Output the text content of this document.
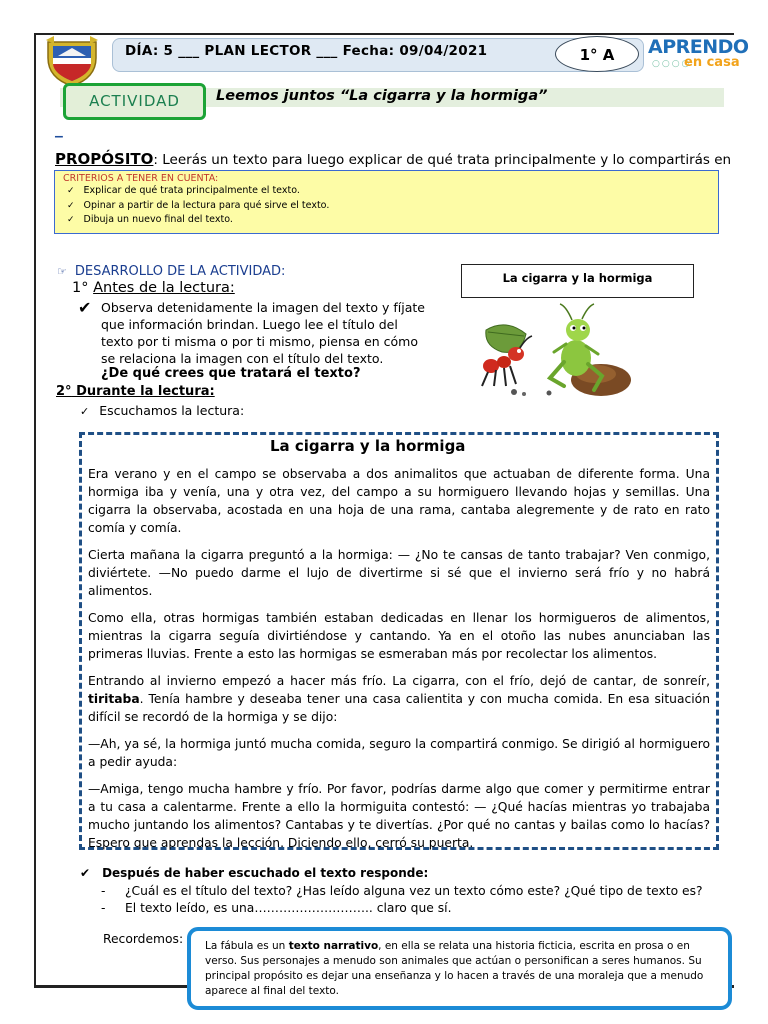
DÍA: 5 ___ PLAN LECTOR ___ Fecha: 09/04/2021	1° A	APRENDO
○○○○
en casa
ACTIVIDAD	Leemos juntos “La cigarra y la hormiga”
▁
PROPÓSITO: Leerás un texto para luego explicar de qué trata principalmente y lo compartirás en
CRITERIOS A TENER EN CUENTA:
✓ Explicar de qué trata principalmente el texto.
✓ Opinar a partir de la lectura para qué sirve el texto.
✓ Dibuja un nuevo final del texto.
☞ DESARROLLO DE LA ACTIVIDAD:
1° Antes de la lectura:
✔ Observa detenidamente la imagen del texto y fíjate que información brindan. Luego lee el título del texto por ti misma o por ti mismo, piensa en cómo se relaciona la imagen con el título del texto.
¿De qué crees que tratará el texto?
2° Durante la lectura:
✓ Escuchamos la lectura:
La cigarra y la hormiga
La cigarra y la hormiga

Era verano y en el campo se observaba a dos animalitos que actuaban de diferente forma. Una hormiga iba y venía, una y otra vez, del campo a su hormiguero llevando hojas y semillas. Una cigarra la observaba, acostada en una hoja de una rama, cantaba alegremente y de rato en rato comía y comía.

Cierta mañana la cigarra preguntó a la hormiga: — ¿No te cansas de tanto trabajar? Ven conmigo, diviértete. —No puedo darme el lujo de divertirme si sé que el invierno será frío y no habrá alimentos.

Como ella, otras hormigas también estaban dedicadas en llenar los hormigueros de alimentos, mientras la cigarra seguía divirtiéndose y cantando. Ya en el otoño las nubes anunciaban las primeras lluvias. Frente a esto las hormigas se esmeraban más por recolectar los alimentos.

Entrando al invierno empezó a hacer más frío. La cigarra, con el frío, dejó de cantar, de sonreír, tiritaba. Tenía hambre y deseaba tener una casa calientita y con mucha comida. En esa situación difícil se recordó de la hormiga y se dijo:

—Ah, ya sé, la hormiga juntó mucha comida, seguro la compartirá conmigo. Se dirigió al hormiguero a pedir ayuda:

—Amiga, tengo mucha hambre y frío. Por favor, podrías darme algo que comer y permitirme entrar a tu casa a calentarme. Frente a ello la hormiguita contestó: — ¿Qué hacías mientras yo trabajaba mucho juntando los alimentos? Cantabas y te divertías. ¿Por qué no cantas y bailas como lo hacías? Espero que aprendas la lección. Diciendo ello, cerró su puerta.

✔ Después de haber escuchado el texto responde:
- ¿Cuál es el título del texto? ¿Has leído alguna vez un texto cómo este? ¿Qué tipo de texto es?
- El texto leído, es una……………………….. claro que sí.
Recordemos:	La fábula es un texto narrativo, en ella se relata una historia ficticia, escrita en prosa o en verso. Sus personajes a menudo son animales que actúan o personifican a seres humanos. Su principal propósito es dejar una enseñanza y lo hacen a través de una moraleja que a menudo aparece al final del texto.
